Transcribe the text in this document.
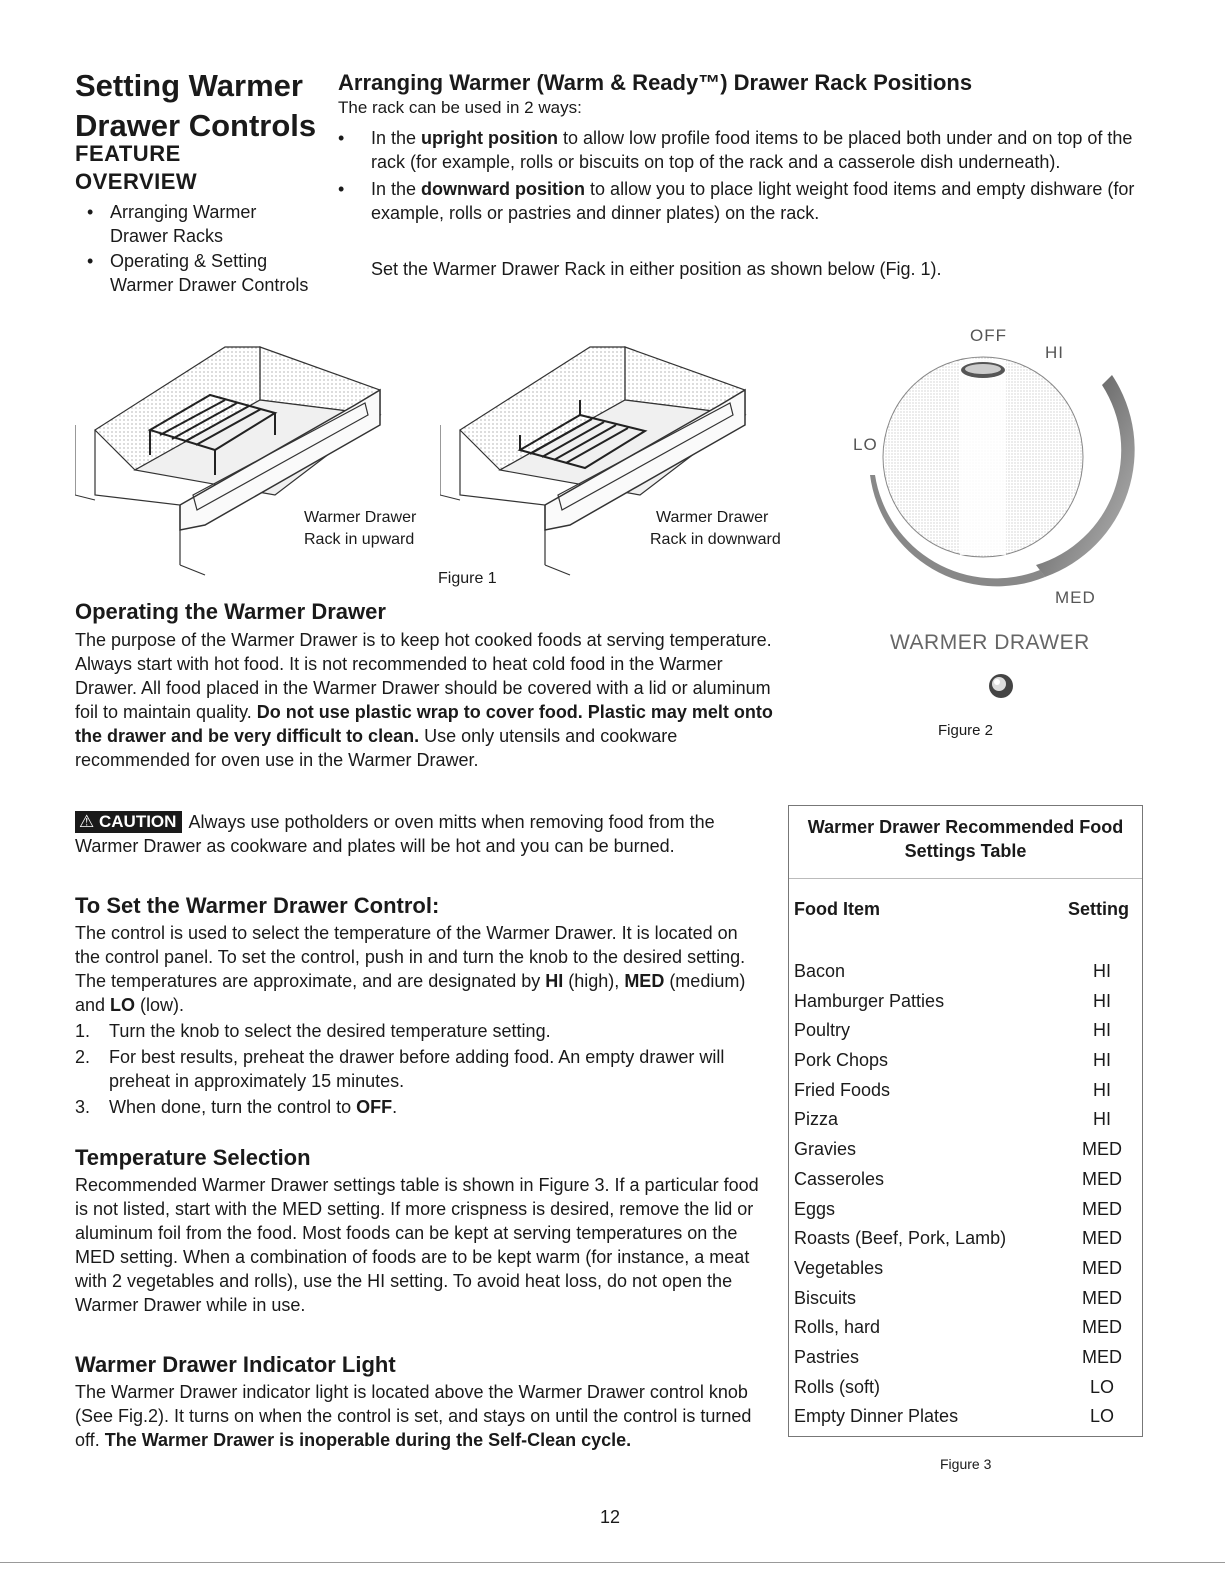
Setting Warmer Drawer Controls
FEATURE
OVERVIEW
• Arranging Warmer Drawer Racks
• Operating & Setting Warmer Drawer Controls
Arranging Warmer (Warm & Ready™) Drawer Rack Positions
The rack can be used in 2 ways:
• In the upright position to allow low profile food items to be placed both under and on top of the rack (for example, rolls or biscuits on top of the rack and a casserole dish underneath).
• In the downward position to allow you to place light weight food items and empty dishware (for example, rolls or pastries and dinner plates) on the rack.
Set the Warmer Drawer Rack in either position as shown below (Fig. 1).
Warmer Drawer
Rack in upward
Warmer Drawer
Rack in downward
Figure 1
OFF
HI
LO
MED
WARMER DRAWER
Figure 2
Operating the Warmer Drawer
The purpose of the Warmer Drawer is to keep hot cooked foods at serving temperature. Always start with hot food. It is not recommended to heat cold food in the Warmer Drawer. All food placed in the Warmer Drawer should be covered with a lid or aluminum foil to maintain quality. Do not use plastic wrap to cover food. Plastic may melt onto the drawer and be very difficult to clean. Use only utensils and cookware recommended for oven use in the Warmer Drawer.
⚠ CAUTION Always use potholders or oven mitts when removing food from the Warmer Drawer as cookware and plates will be hot and you can be burned.
To Set the Warmer Drawer Control:
The control is used to select the temperature of the Warmer Drawer. It is located on the control panel. To set the control, push in and turn the knob to the desired setting. The temperatures are approximate, and are designated by HI (high), MED (medium) and LO (low).
1. Turn the knob to select the desired temperature setting.
2. For best results, preheat the drawer before adding food. An empty drawer will preheat in approximately 15 minutes.
3. When done, turn the control to OFF.
Temperature Selection
Recommended Warmer Drawer settings table is shown in Figure 3. If a particular food is not listed, start with the MED setting. If more crispness is desired, remove the lid or aluminum foil from the food. Most foods can be kept at serving temperatures on the MED setting. When a combination of foods are to be kept warm (for instance, a meat with 2 vegetables and rolls), use the HI setting. To avoid heat loss, do not open the Warmer Drawer while in use.
Warmer Drawer Indicator Light
The Warmer Drawer indicator light is located above the Warmer Drawer control knob (See Fig.2). It turns on when the control is set, and stays on until the control is turned off. The Warmer Drawer is inoperable during the Self-Clean cycle.
Warmer Drawer Recommended Food
Settings Table
Food Item	Setting
Bacon	HI
Hamburger Patties	HI
Poultry	HI
Pork Chops	HI
Fried Foods	HI
Pizza	HI
Gravies	MED
Casseroles	MED
Eggs	MED
Roasts (Beef, Pork, Lamb)	MED
Vegetables	MED
Biscuits	MED
Rolls, hard	MED
Pastries	MED
Rolls (soft)	LO
Empty Dinner Plates	LO
Figure 3
12
